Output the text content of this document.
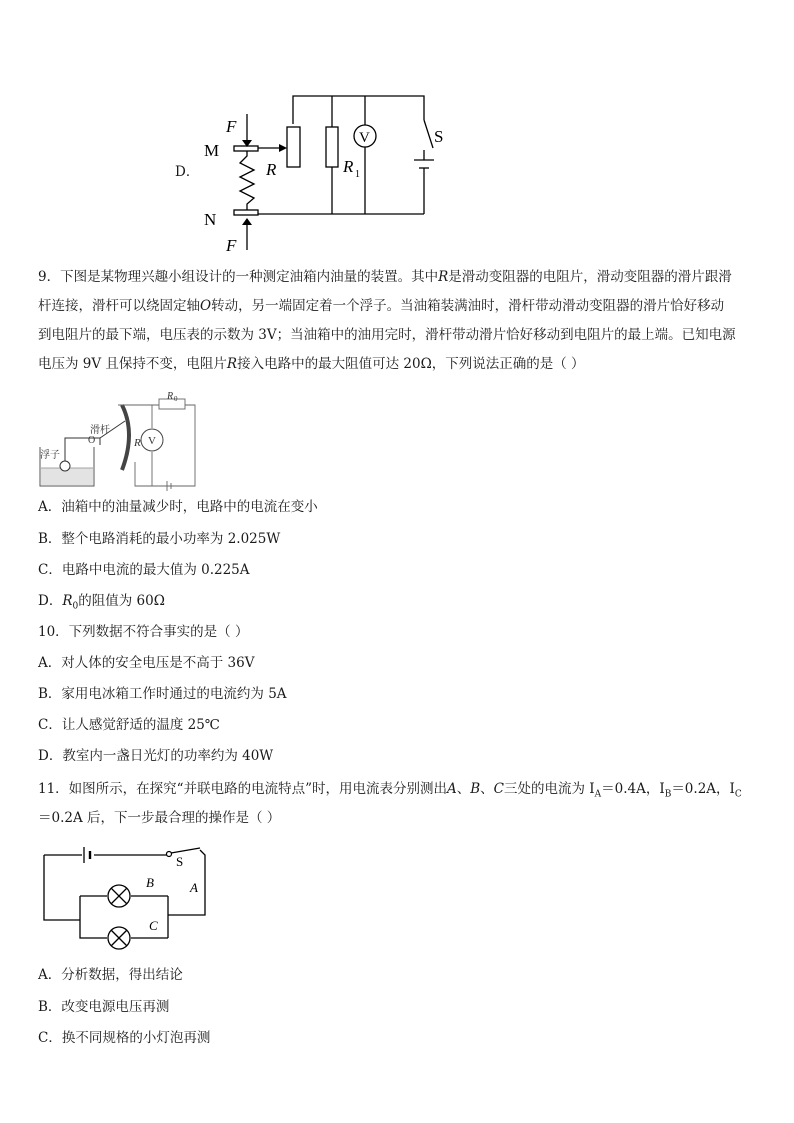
D．
F
M
N
F
R	R 1
V	S
9．下图是某物理兴趣小组设计的一种测定油箱内油量的装置。其中R是滑动变阻器的电阻片，滑动变阻器的滑片跟滑
杆连接，滑杆可以绕固定轴O转动，另一端固定着一个浮子。当油箱装满油时，滑杆带动滑动变阻器的滑片恰好移动
到电阻片的最下端，电压表的示数为 3V；当油箱中的油用完时，滑杆带动滑片恰好移动到电阻片的最上端。已知电源
电压为 9V 且保持不变，电阻片R接入电路中的最大阻值可达 20Ω，下列说法正确的是（ ）
浮子
O
滑杆
R
R 0
V
A．油箱中的油量减少时，电路中的电流在变小
B．整个电路消耗的最小功率为 2.025W
C．电路中电流的最大值为 0.225A
D．$R_0$的阻值为 60Ω
10．下列数据不符合事实的是（ ）
A．对人体的安全电压是不高于 36V
B．家用电冰箱工作时通过的电流约为 5A
C．让人感觉舒适的温度 25℃
D．教室内一盏日光灯的功率约为 40W
11．如图所示，在探究“并联电路的电流特点”时，用电流表分别测出A、B、C三处的电流为 $I_A=0.4A$，$I_B=0.2A$，$I_C$
＝0.2A 后，下一步最合理的操作是（ ）
S
A
B
C
A．分析数据，得出结论
B．改变电源电压再测
C．换不同规格的小灯泡再测
